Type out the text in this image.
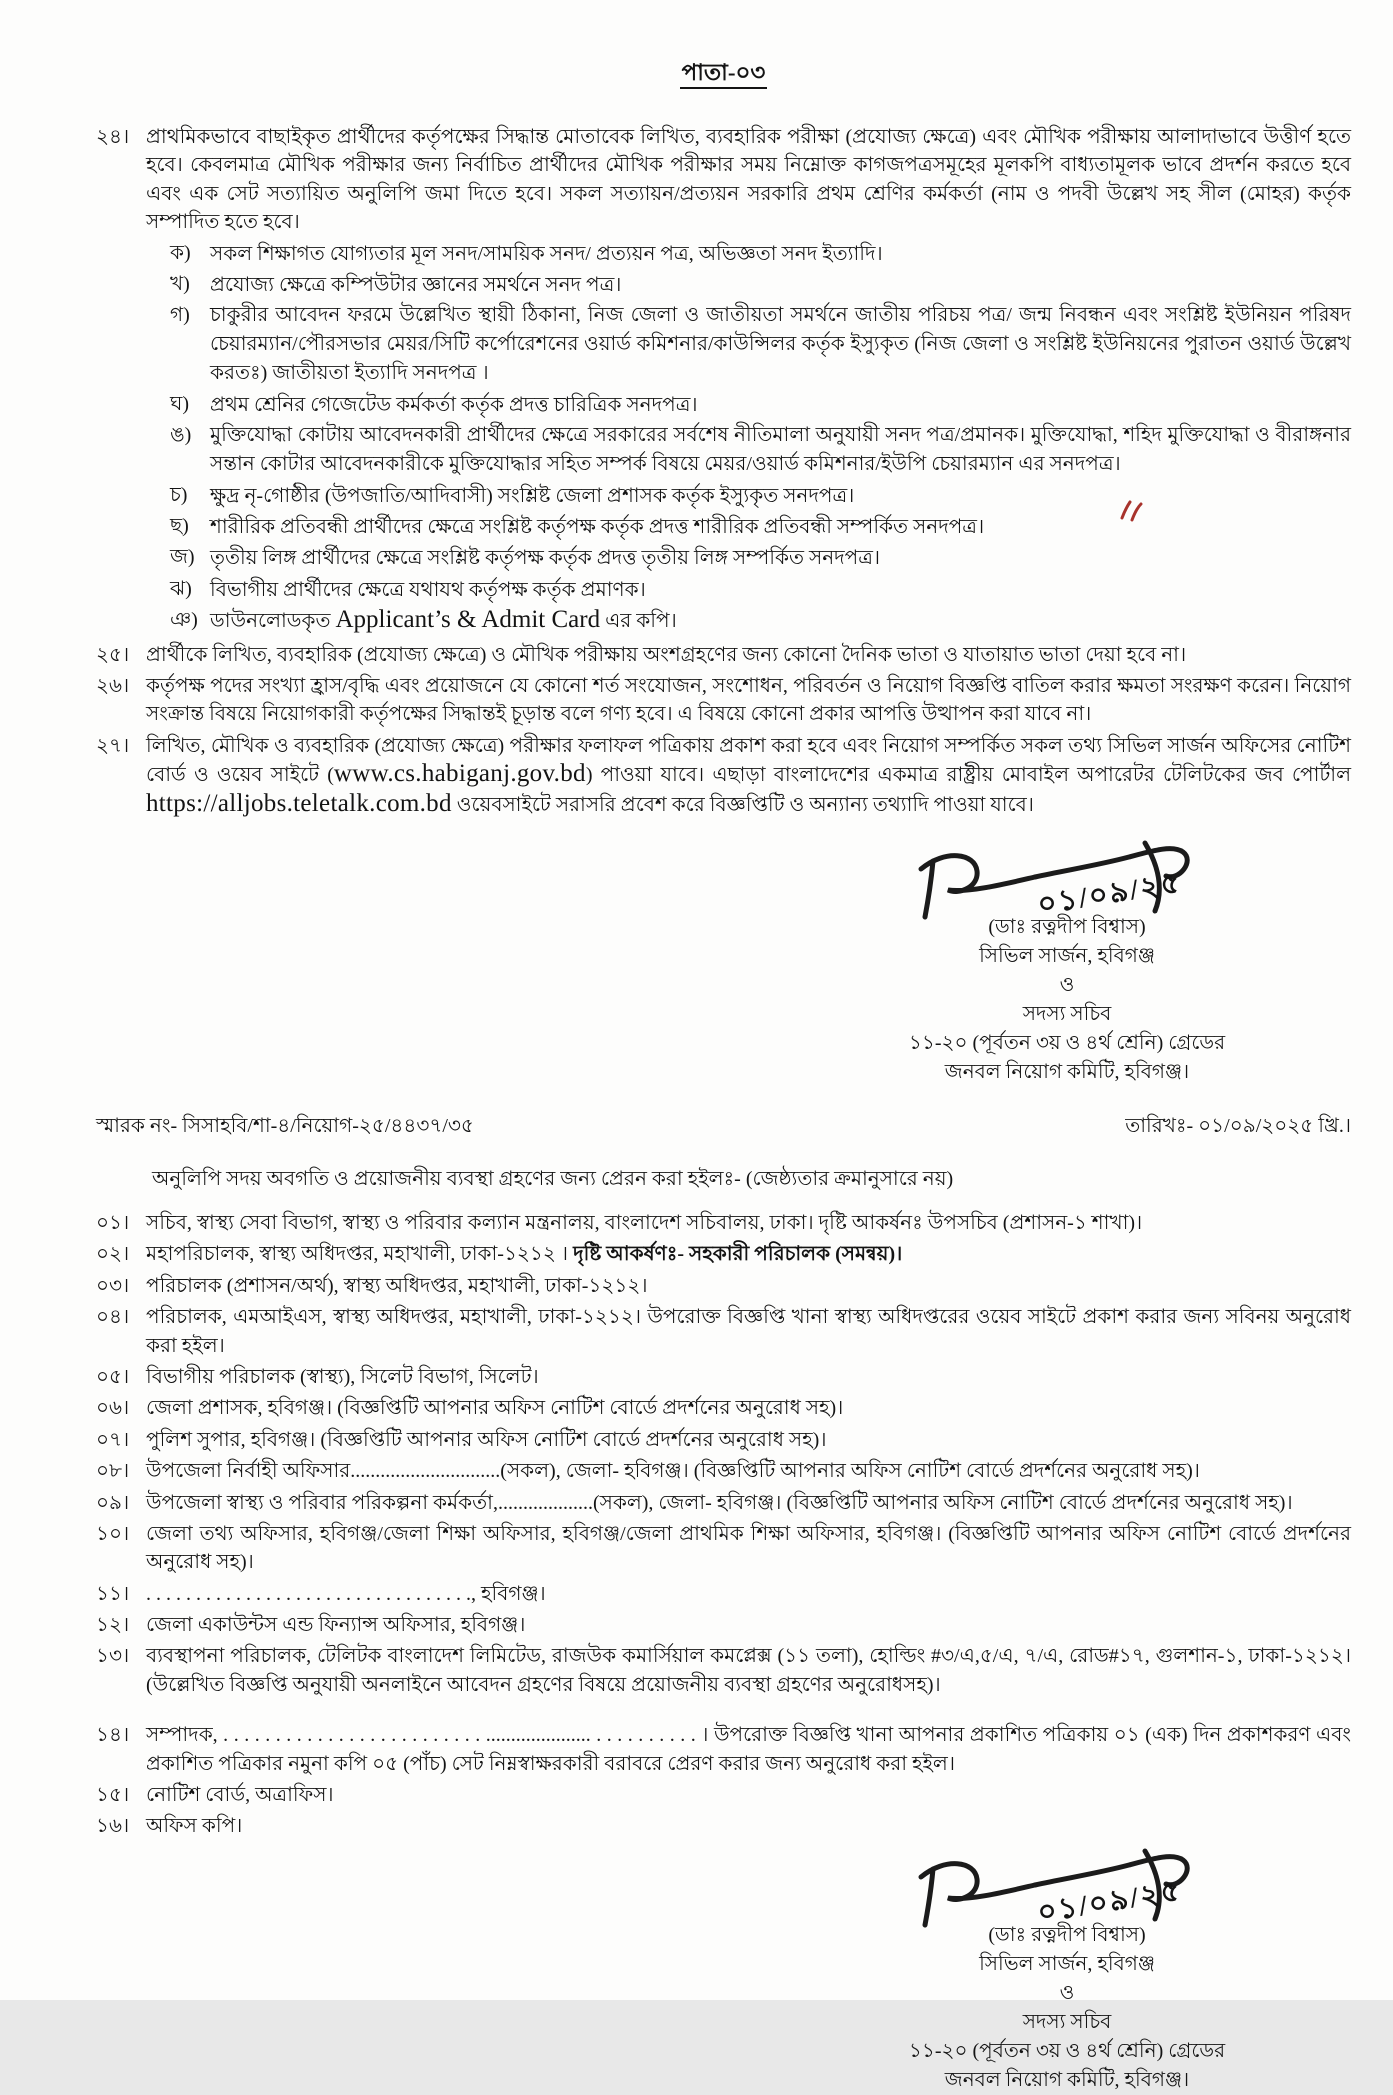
পাতা-০৩
২৪। প্রাথমিকভাবে বাছাইকৃত প্রার্থীদের কর্তৃপক্ষের সিদ্ধান্ত মোতাবেক লিখিত, ব্যবহারিক পরীক্ষা (প্রযোজ্য ক্ষেত্রে) এবং মৌখিক পরীক্ষায় আলাদাভাবে উত্তীর্ণ হতে হবে। কেবলমাত্র মৌখিক পরীক্ষার জন্য নির্বাচিত প্রার্থীদের মৌখিক পরীক্ষার সময় নিম্নোক্ত কাগজপত্রসমূহের মূলকপি বাধ্যতামূলক ভাবে প্রদর্শন করতে হবে এবং এক সেট সত্যায়িত অনুলিপি জমা দিতে হবে। সকল সত্যায়ন/প্রত্যয়ন সরকারি প্রথম শ্রেণির কর্মকর্তা (নাম ও পদবী উল্লেখ সহ সীল (মোহর) কর্তৃক সম্পাদিত হতে হবে।
ক) সকল শিক্ষাগত যোগ্যতার মূল সনদ/সাময়িক সনদ/ প্রত্যয়ন পত্র, অভিজ্ঞতা সনদ ইত্যাদি।
খ)	প্রযোজ্য ক্ষেত্রে কম্পিউটার জ্ঞানের সমর্থনে সনদ পত্র।
গ)	চাকুরীর আবেদন ফরমে উল্লেখিত স্থায়ী ঠিকানা, নিজ জেলা ও জাতীয়তা সমর্থনে জাতীয় পরিচয় পত্র/ জন্ম নিবন্ধন এবং সংশ্লিষ্ট ইউনিয়ন পরিষদ চেয়ারম্যান/পৌরসভার মেয়র/সিটি কর্পোরেশনের ওয়ার্ড কমিশনার/কাউন্সিলর কর্তৃক ইস্যুকৃত (নিজ জেলা ও সংশ্লিষ্ট ইউনিয়নের পুরাতন ওয়ার্ড উল্লেখ করতঃ) জাতীয়তা ইত্যাদি সনদপত্র ।
ঘ)	প্রথম শ্রেনির গেজেটেড কর্মকর্তা কর্তৃক প্রদত্ত চারিত্রিক সনদপত্র।
ঙ) মুক্তিযোদ্ধা কোটায় আবেদনকারী প্রার্থীদের ক্ষেত্রে সরকারের সর্বশেষ নীতিমালা অনুযায়ী সনদ পত্র/প্রমানক। মুক্তিযোদ্ধা, শহিদ মুক্তিযোদ্ধা ও বীরাঙ্গনার সন্তান কোটার আবেদনকারীকে মুক্তিযোদ্ধার সহিত সম্পর্ক বিষয়ে মেয়র/ওয়ার্ড কমিশনার/ইউপি চেয়ারম্যান এর সনদপত্র।
চ)	ক্ষুদ্র নৃ-গোষ্ঠীর (উপজাতি/আদিবাসী) সংশ্লিষ্ট জেলা প্রশাসক কর্তৃক ইস্যুকৃত সনদপত্র।
ছ)	শারীরিক প্রতিবন্ধী প্রার্থীদের ক্ষেত্রে সংশ্লিষ্ট কর্তৃপক্ষ কর্তৃক প্রদত্ত শারীরিক প্রতিবন্ধী সম্পর্কিত সনদপত্র।
জ) তৃতীয় লিঙ্গ প্রার্থীদের ক্ষেত্রে সংশ্লিষ্ট কর্তৃপক্ষ কর্তৃক প্রদত্ত তৃতীয় লিঙ্গ সম্পর্কিত সনদপত্র।
ঝ) বিভাগীয় প্রার্থীদের ক্ষেত্রে যথাযথ কর্তৃপক্ষ কর্তৃক প্রমাণক।
ঞ) ডাউনলোডকৃত Applicant’s & Admit Card এর কপি।
২৫। প্রার্থীকে লিখিত, ব্যবহারিক (প্রযোজ্য ক্ষেত্রে) ও মৌখিক পরীক্ষায় অংশগ্রহণের জন্য কোনো দৈনিক ভাতা ও যাতায়াত ভাতা দেয়া হবে না।
২৬। কর্তৃপক্ষ পদের সংখ্যা হ্রাস/বৃদ্ধি এবং প্রয়োজনে যে কোনো শর্ত সংযোজন, সংশোধন, পরিবর্তন ও নিয়োগ বিজ্ঞপ্তি বাতিল করার ক্ষমতা সংরক্ষণ করেন। নিয়োগ সংক্রান্ত বিষয়ে নিয়োগকারী কর্তৃপক্ষের সিদ্ধান্তই চূড়ান্ত বলে গণ্য হবে। এ বিষয়ে কোনো প্রকার আপত্তি উত্থাপন করা যাবে না।
২৭। লিখিত, মৌখিক ও ব্যবহারিক (প্রযোজ্য ক্ষেত্রে) পরীক্ষার ফলাফল পত্রিকায় প্রকাশ করা হবে এবং নিয়োগ সম্পর্কিত সকল তথ্য সিভিল সার্জন অফিসের নোটিশ বোর্ড ও ওয়েব সাইটে (www.cs.habiganj.gov.bd) পাওয়া যাবে। এছাড়া বাংলাদেশের একমাত্র রাষ্ট্রীয় মোবাইল অপারেটর টেলিটকের জব পোর্টাল https://alljobs.teletalk.com.bd ওয়েবসাইটে সরাসরি প্রবেশ করে বিজ্ঞপ্তিটি ও অন্যান্য তথ্যাদি পাওয়া যাবে।
০১/০৯/২৫
(ডাঃ রত্নদীপ বিশ্বাস)
সিভিল সার্জন, হবিগঞ্জ
ও
সদস্য সচিব
১১-২০ (পূর্বতন ৩য় ও ৪র্থ শ্রেনি) গ্রেডের
জনবল নিয়োগ কমিটি, হবিগঞ্জ।
স্মারক নং- সিসাহবি/শা-৪/নিয়োগ-২৫/৪৪৩৭/৩৫	তারিখঃ- ০১/০৯/২০২৫ খ্রি.।
অনুলিপি সদয় অবগতি ও প্রয়োজনীয় ব্যবস্থা গ্রহণের জন্য প্রেরন করা হইলঃ- (জেষ্ঠ্যতার ক্রমানুসারে নয়)
০১। সচিব, স্বাস্থ্য সেবা বিভাগ, স্বাস্থ্য ও পরিবার কল্যান মন্ত্রনালয়, বাংলাদেশ সচিবালয়, ঢাকা। দৃষ্টি আকর্ষনঃ উপসচিব (প্রশাসন-১ শাখা)।
০২। মহাপরিচালক, স্বাস্থ্য অধিদপ্তর, মহাখালী, ঢাকা-১২১২ । দৃষ্টি আকর্ষণঃ- সহকারী পরিচালক (সমন্বয়)।
০৩। পরিচালক (প্রশাসন/অর্থ), স্বাস্থ্য অধিদপ্তর, মহাখালী, ঢাকা-১২১২।
০৪। পরিচালক, এমআইএস, স্বাস্থ্য অধিদপ্তর, মহাখালী, ঢাকা-১২১২। উপরোক্ত বিজ্ঞপ্তি খানা স্বাস্থ্য অধিদপ্তরের ওয়েব সাইটে প্রকাশ করার জন্য সবিনয় অনুরোধ করা হইল।
০৫। বিভাগীয় পরিচালক (স্বাস্থ্য), সিলেট বিভাগ, সিলেট।
০৬। জেলা প্রশাসক, হবিগঞ্জ। (বিজ্ঞপ্তিটি আপনার অফিস নোটিশ বোর্ডে প্রদর্শনের অনুরোধ সহ)।
০৭। পুলিশ সুপার, হবিগঞ্জ। (বিজ্ঞপ্তিটি আপনার অফিস নোটিশ বোর্ডে প্রদর্শনের অনুরোধ সহ)।
০৮। উপজেলা নির্বাহী অফিসার..............................(সকল), জেলা- হবিগঞ্জ। (বিজ্ঞপ্তিটি আপনার অফিস নোটিশ বোর্ডে প্রদর্শনের অনুরোধ সহ)।
০৯। উপজেলা স্বাস্থ্য ও পরিবার পরিকল্পনা কর্মকর্তা,...................(সকল), জেলা- হবিগঞ্জ। (বিজ্ঞপ্তিটি আপনার অফিস নোটিশ বোর্ডে প্রদর্শনের অনুরোধ সহ)।
১০। জেলা তথ্য অফিসার, হবিগঞ্জ/জেলা শিক্ষা অফিসার, হবিগঞ্জ/জেলা প্রাথমিক শিক্ষা অফিসার, হবিগঞ্জ। (বিজ্ঞপ্তিটি আপনার অফিস নোটিশ বোর্ডে প্রদর্শনের অনুরোধ সহ)।
১১। . . . . . . . . . . . . . . . . . . . . . . . . . . . . . . . . ., হবিগঞ্জ।
১২। জেলা একাউন্টস এন্ড ফিন্যান্স অফিসার, হবিগঞ্জ।
১৩। ব্যবস্থাপনা পরিচালক, টেলিটক বাংলাদেশ লিমিটেড, রাজউক কমার্সিয়াল কমপ্লেক্স (১১ তলা), হোল্ডিং #৩/এ,৫/এ, ৭/এ, রোড#১৭, গুলশান-১, ঢাকা-১২১২। (উল্লেখিত বিজ্ঞপ্তি অনুযায়ী অনলাইনে আবেদন গ্রহণের বিষয়ে প্রয়োজনীয় ব্যবস্থা গ্রহণের অনুরোধসহ)।
১৪। সম্পাদক, . . . . . . . . . . . . . . . . . . . . . . . . . ..................... . . . . . . . . . . । উপরোক্ত বিজ্ঞপ্তি খানা আপনার প্রকাশিত পত্রিকায় ০১ (এক) দিন প্রকাশকরণ এবং প্রকাশিত পত্রিকার নমুনা কপি ০৫ (পাঁচ) সেট নিম্নস্বাক্ষরকারী বরাবরে প্রেরণ করার জন্য অনুরোধ করা হইল।
১৫। নোটিশ বোর্ড, অত্রাফিস।
১৬। অফিস কপি।
০১/০৯/২৫
(ডাঃ রত্নদীপ বিশ্বাস)
সিভিল সার্জন, হবিগঞ্জ
ও
সদস্য সচিব
১১-২০ (পূর্বতন ৩য় ও ৪র্থ শ্রেনি) গ্রেডের
জনবল নিয়োগ কমিটি, হবিগঞ্জ।
